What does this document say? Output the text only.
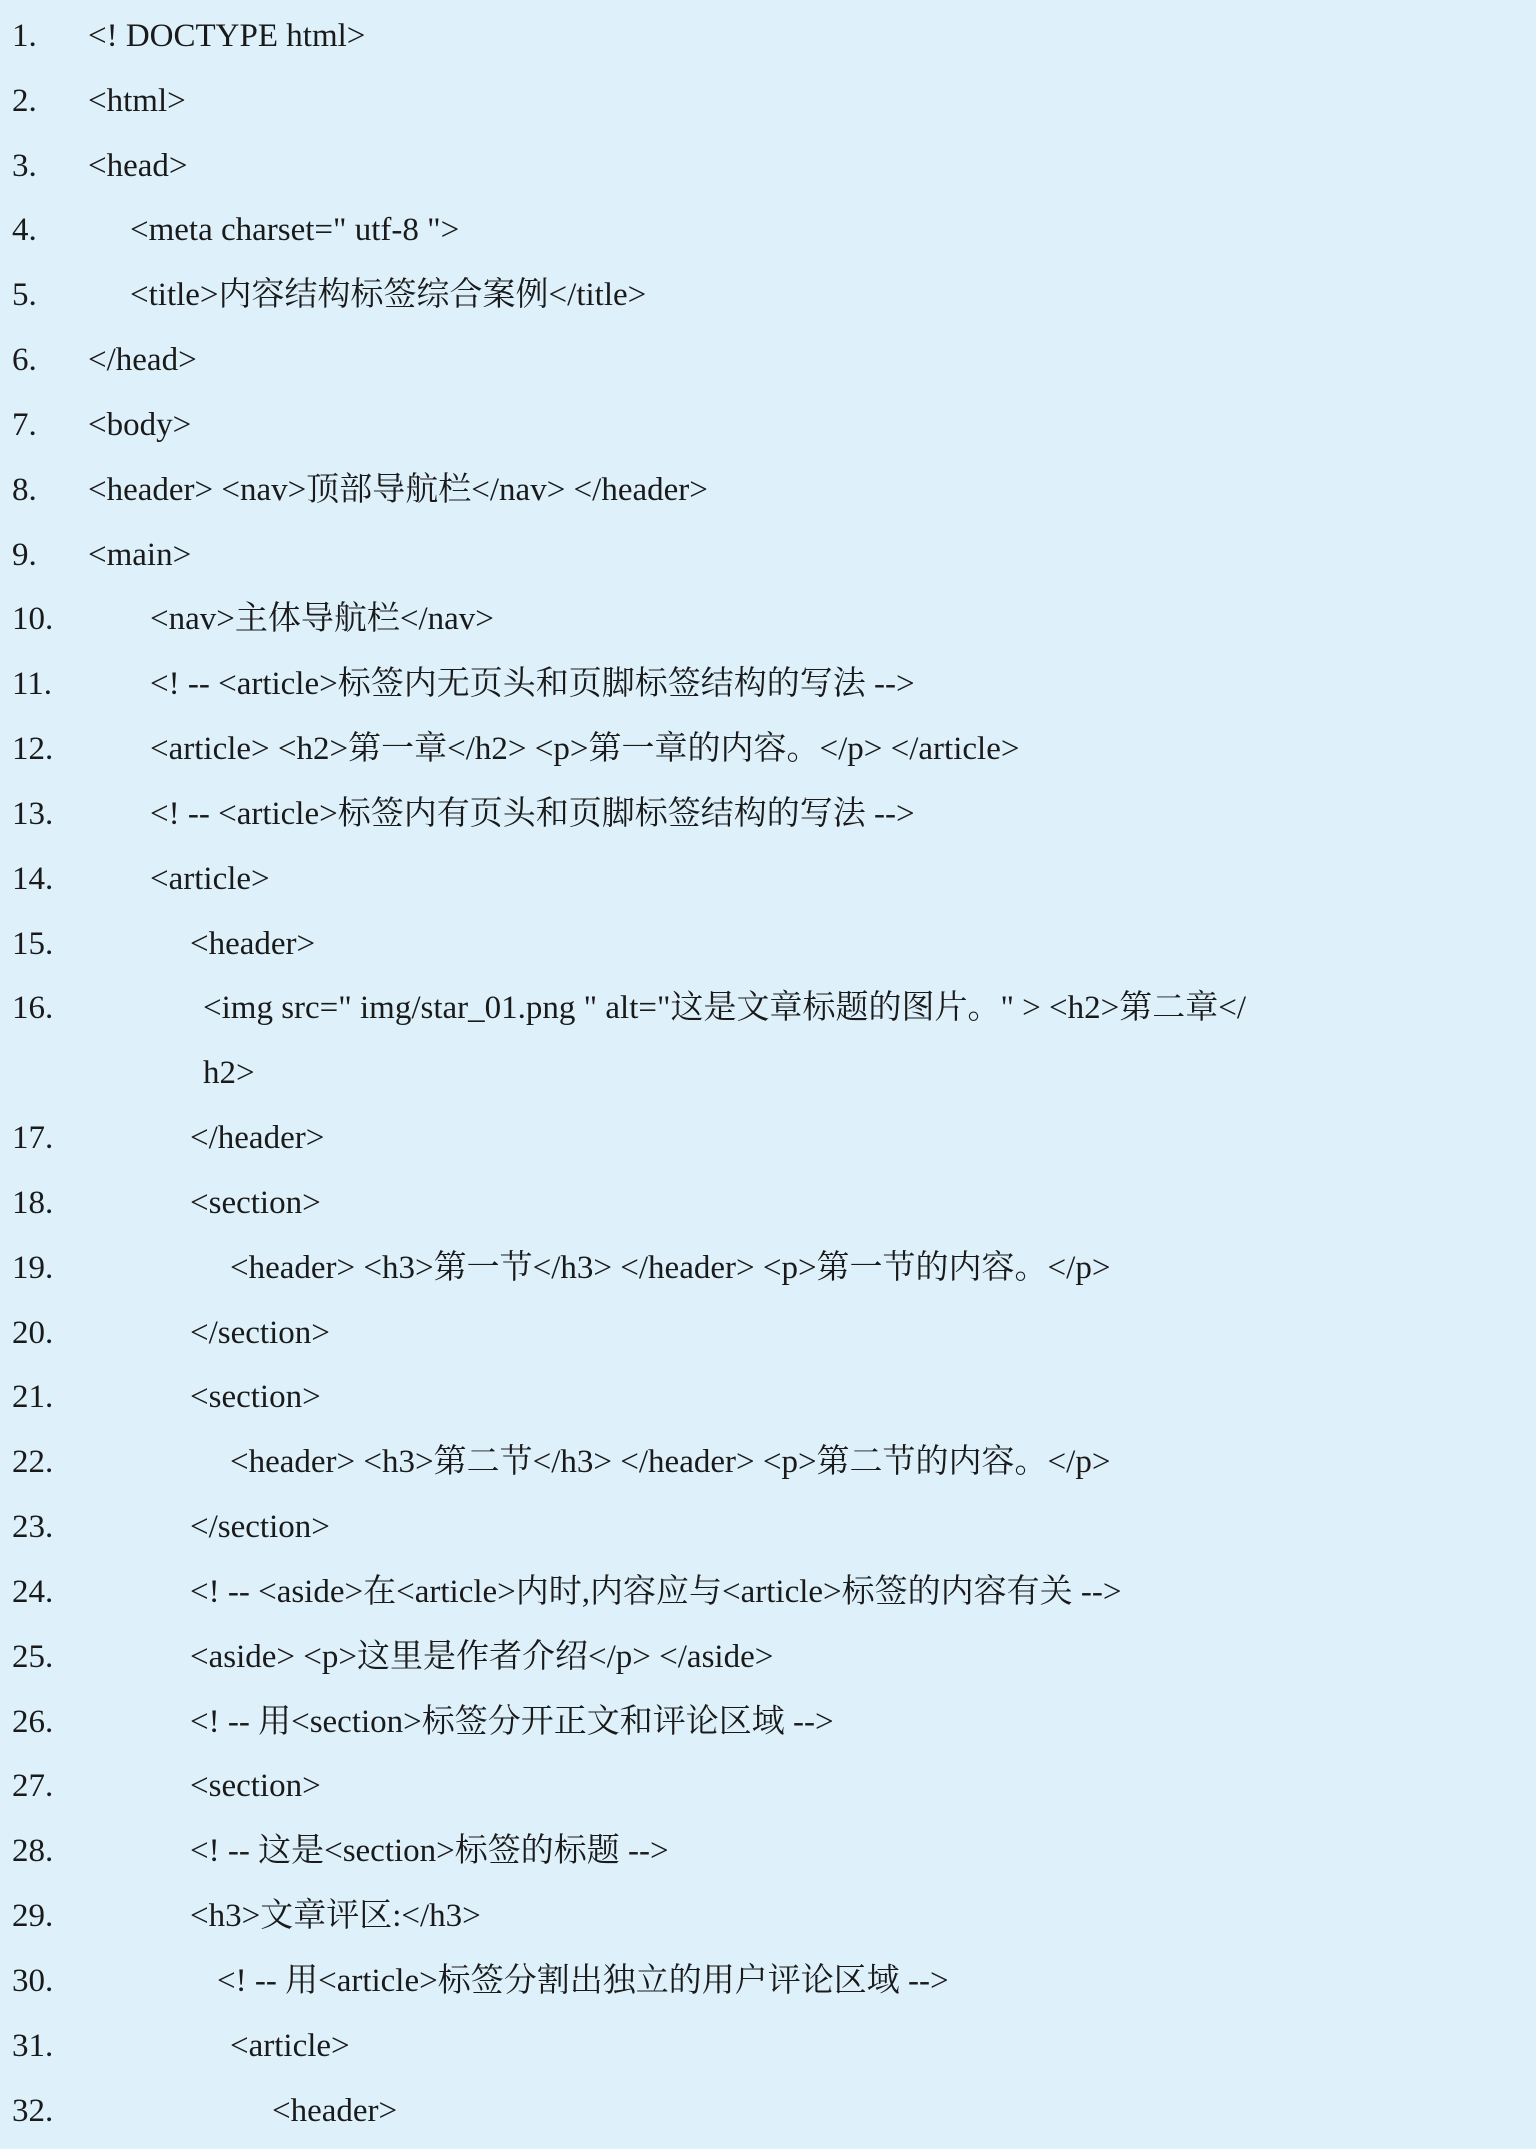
1. <! DOCTYPE html>
2. <html>
3. <head>
4.	<meta charset=" utf-8 ">
5.	<title>内容结构标签综合案例</title>
6. </head>
7. <body>
8. <header> <nav>顶部导航栏</nav> </header>
9. <main>
10.	<nav>主体导航栏</nav>
11.	<! -- <article>标签内无页头和页脚标签结构的写法 -->
12.	<article> <h2>第一章</h2> <p>第一章的内容。</p> </article>
13.	<! -- <article>标签内有页头和页脚标签结构的写法 -->
14.	<article>
15.	<header>
16.	<img src=" img/star_01.png " alt="这是文章标题的图片。" > <h2>第二章</
h2>
17.	</header>
18.	<section>
19.	<header> <h3>第一节</h3> </header> <p>第一节的内容。</p>
20.	</section>
21.	<section>
22.	<header> <h3>第二节</h3> </header> <p>第二节的内容。</p>
23.	</section>
24.	<! -- <aside>在<article>内时,内容应与<article>标签的内容有关 -->
25.	<aside> <p>这里是作者介绍</p> </aside>
26.	<! -- 用<section>标签分开正文和评论区域 -->
27.	<section>
28.	<! -- 这是<section>标签的标题 -->
29.	<h3>文章评区:</h3>
30.	<! -- 用<article>标签分割出独立的用户评论区域 -->
31.	<article>
32.	<header>
